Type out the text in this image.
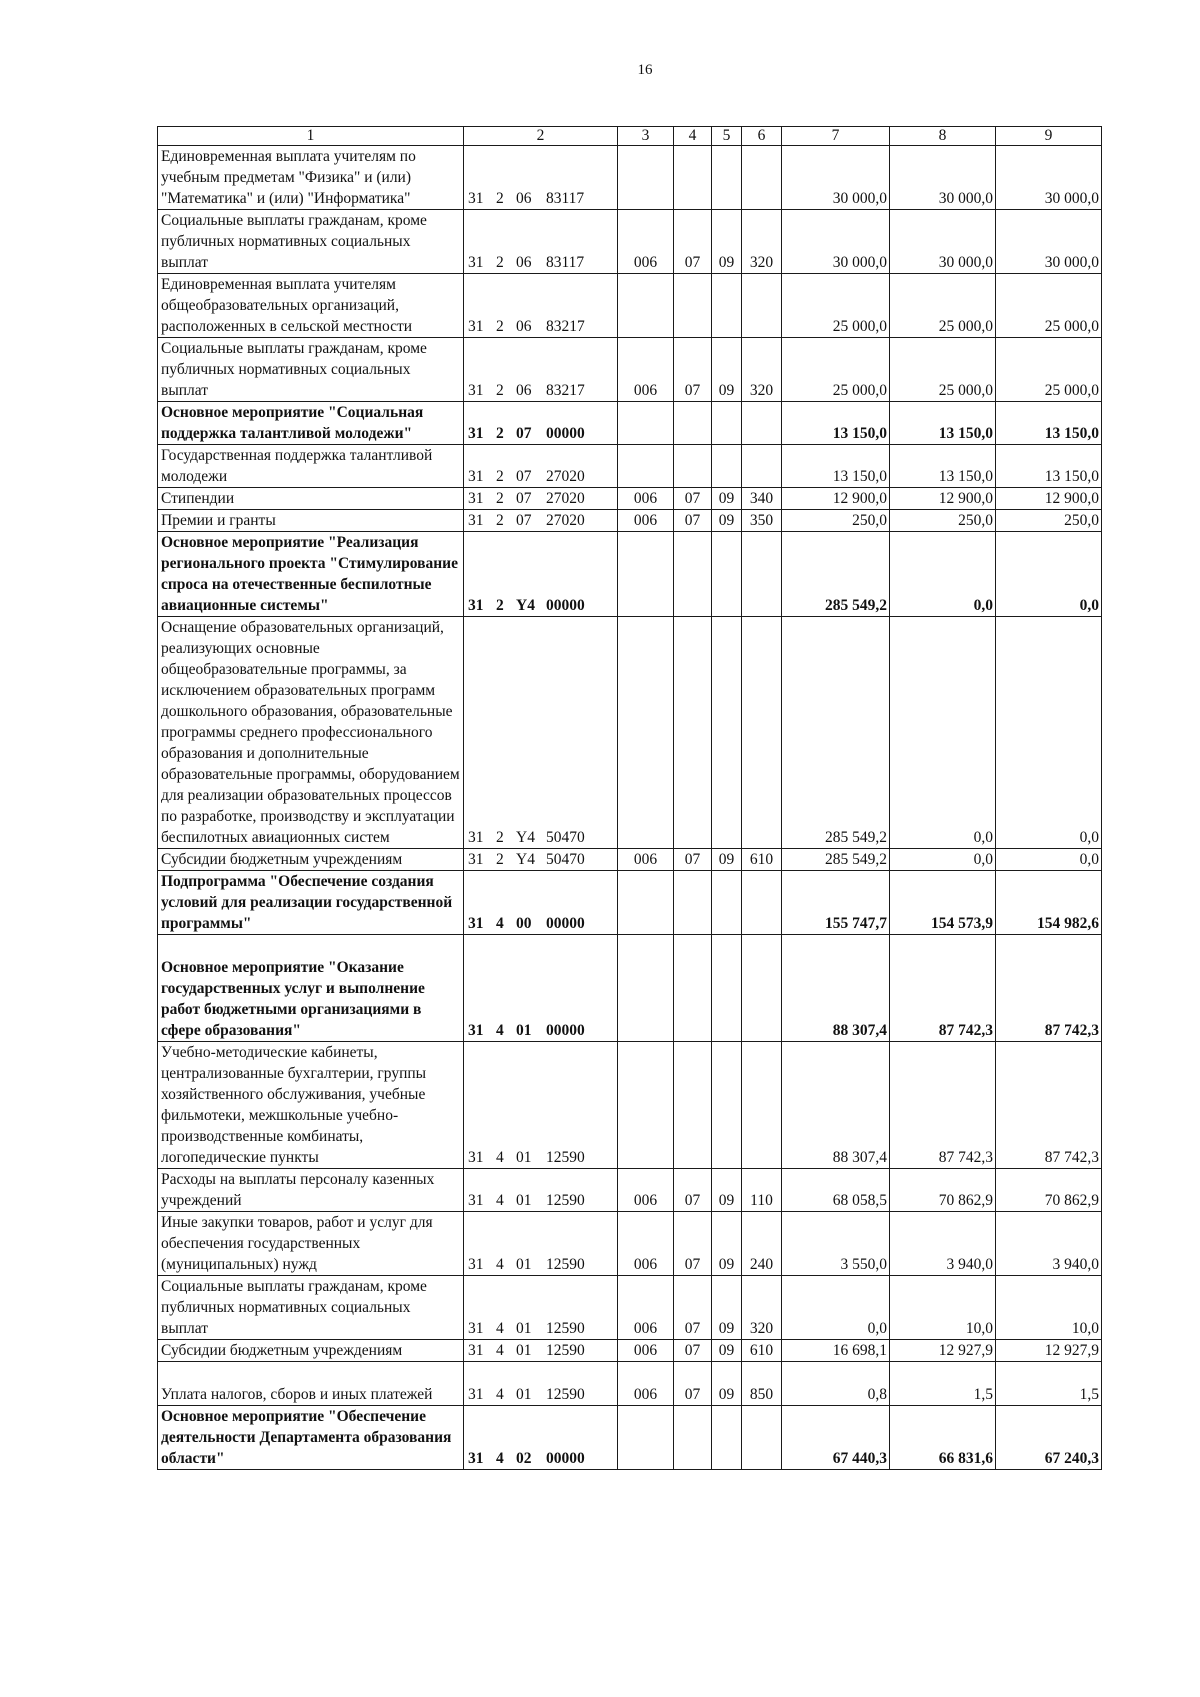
16
1	2	3	4	5	6	7	8	9
Единовременная выплата учителям по учебным предметам "Физика" и (или) "Математика" и (или) "Информатика"	31 2 06 83117					30 000,0	30 000,0	30 000,0
Социальные выплаты гражданам, кроме публичных нормативных социальных выплат	31 2 06 83117	006	07	09	320	30 000,0	30 000,0	30 000,0
Единовременная выплата учителям общеобразовательных организаций, расположенных в сельской местности	31 2 06 83217					25 000,0	25 000,0	25 000,0
Социальные выплаты гражданам, кроме публичных нормативных социальных выплат	31 2 06 83217	006	07	09	320	25 000,0	25 000,0	25 000,0
Основное мероприятие "Социальная поддержка талантливой молодежи"	31 2 07 00000					13 150,0	13 150,0	13 150,0
Государственная поддержка талантливой молодежи	31 2 07 27020					13 150,0	13 150,0	13 150,0
Стипендии	31 2 07 27020	006	07	09	340	12 900,0	12 900,0	12 900,0
Премии и гранты	31 2 07 27020	006	07	09	350	250,0	250,0	250,0
Основное мероприятие "Реализация регионального проекта "Стимулирование спроса на отечественные беспилотные авиационные системы"	31 2 Y4 00000					285 549,2	0,0	0,0
Оснащение образовательных организаций, реализующих основные общеобразовательные программы, за исключением образовательных программ дошкольного образования, образовательные программы среднего профессионального образования и дополнительные образовательные программы, оборудованием для реализации образовательных процессов по разработке, производству и эксплуатации беспилотных авиационных систем	31 2 Y4 50470					285 549,2	0,0	0,0
Субсидии бюджетным учреждениям	31 2 Y4 50470	006	07	09	610	285 549,2	0,0	0,0
Подпрограмма "Обеспечение создания условий для реализации государственной программы"	31 4 00 00000					155 747,7	154 573,9	154 982,6
Основное мероприятие "Оказание государственных услуг и выполнение работ бюджетными организациями в сфере образования"	31 4 01 00000					88 307,4	87 742,3	87 742,3
Учебно-методические кабинеты, централизованные бухгалтерии, группы хозяйственного обслуживания, учебные фильмотеки, межшкольные учебно-производственные комбинаты, логопедические пункты	31 4 01 12590					88 307,4	87 742,3	87 742,3
Расходы на выплаты персоналу казенных учреждений	31 4 01 12590	006	07	09	110	68 058,5	70 862,9	70 862,9
Иные закупки товаров, работ и услуг для обеспечения государственных (муниципальных) нужд	31 4 01 12590	006	07	09	240	3 550,0	3 940,0	3 940,0
Социальные выплаты гражданам, кроме публичных нормативных социальных выплат	31 4 01 12590	006	07	09	320	0,0	10,0	10,0
Субсидии бюджетным учреждениям	31 4 01 12590	006	07	09	610	16 698,1	12 927,9	12 927,9
Уплата налогов, сборов и иных платежей	31 4 01 12590	006	07	09	850	0,8	1,5	1,5
Основное мероприятие "Обеспечение деятельности Департамента образования области"	31 4 02 00000					67 440,3	66 831,6	67 240,3
